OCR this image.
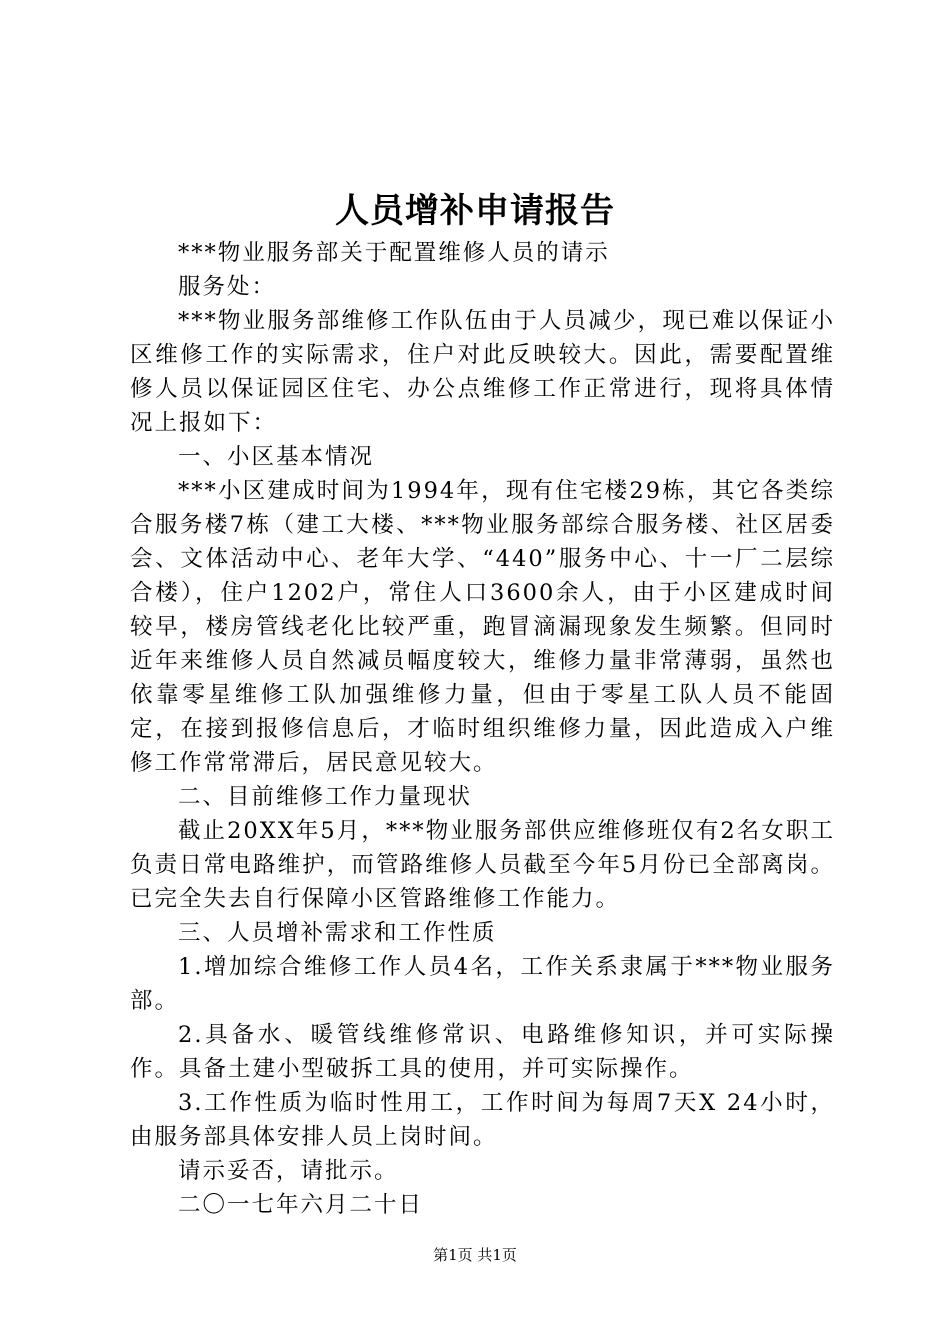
人员增补申请报告

***物业服务部关于配置维修人员的请示

服务处：

***物业服务部维修工作队伍由于人员减少，现已难以保证小区维修工作的实际需求，住户对此反映较大。因此，需要配置维修人员以保证园区住宅、办公点维修工作正常进行，现将具体情况上报如下：

一、小区基本情况

***小区建成时间为1994年，现有住宅楼29栋，其它各类综合服务楼7栋（建工大楼、***物业服务部综合服务楼、社区居委会、文体活动中心、老年大学、“440”服务中心、十一厂二层综合楼），住户1202户，常住人口3600余人，由于小区建成时间较早，楼房管线老化比较严重，跑冒滴漏现象发生频繁。但同时近年来维修人员自然减员幅度较大，维修力量非常薄弱，虽然也依靠零星维修工队加强维修力量，但由于零星工队人员不能固定，在接到报修信息后，才临时组织维修力量，因此造成入户维修工作常常滞后，居民意见较大。

二、目前维修工作力量现状

截止20XX年5月，***物业服务部供应维修班仅有2名女职工负责日常电路维护，而管路维修人员截至今年5月份已全部离岗。已完全失去自行保障小区管路维修工作能力。

三、人员增补需求和工作性质

1.增加综合维修工作人员4名，工作关系隶属于***物业服务部。

2.具备水、暖管线维修常识、电路维修知识，并可实际操作。具备土建小型破拆工具的使用，并可实际操作。

3.工作性质为临时性用工，工作时间为每周7天X 24小时，由服务部具体安排人员上岗时间。

请示妥否，请批示。

二〇一七年六月二十日

第1页 共1页
